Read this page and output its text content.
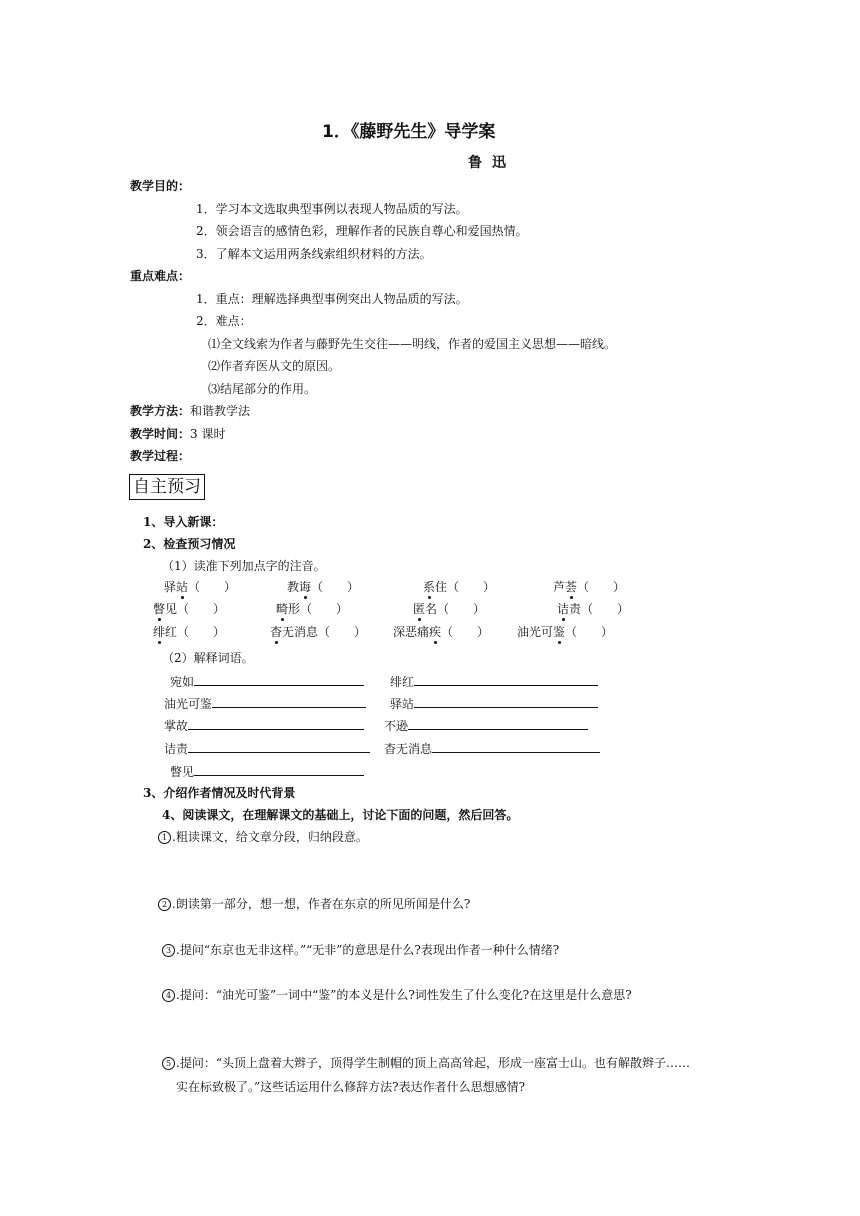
1．《藤野先生》导学案
鲁迅
教学目的：
1．学习本文选取典型事例以表现人物品质的写法。
2．领会语言的感情色彩，理解作者的民族自尊心和爱国热情。
3．了解本文运用两条线索组织材料的方法。
重点难点：
1．重点：理解选择典型事例突出人物品质的写法。
2．难点：
⑴全文线索为作者与藤野先生交往——明线，作者的爱国主义思想——暗线。
⑵作者弃医从文的原因。
⑶结尾部分的作用。
教学方法：和谐教学法
教学时间：3 课时
教学过程：
自主预习
1、导入新课：
2、检查预习情况
（1）读准下列加点字的注音。
驿站（　　）	教诲（　　）	系住（　　）	芦荟（　　）
瞥见（　　）	畸形（　　）	匿名（　　）	诘责（　　）
绯红（　　）	杳无消息（　　） 深恶痛疾（　　） 油光可鉴（　　）
（2）解释词语。
宛如	绯红
油光可鉴	驿站
掌故	不逊
诘责	杳无消息
瞥见
3、介绍作者情况及时代背景
4、阅读课文，在理解课文的基础上，讨论下面的问题，然后回答。
1 .粗读课文，给文章分段，归纳段意。
2 .朗读第一部分，想一想，作者在东京的所见所闻是什么?
3 .提问“东京也无非这样。”“无非”的意思是什么?表现出作者一种什么情绪?
4 .提问：“油光可鉴”一词中“鉴”的本义是什么?词性发生了什么变化?在这里是什么意思?
5 .提问：“头顶上盘着大辫子，顶得学生制帽的顶上高高耸起，形成一座富士山。也有解散辫子……
实在标致极了。”这些话运用什么修辞方法?表达作者什么思想感情?
